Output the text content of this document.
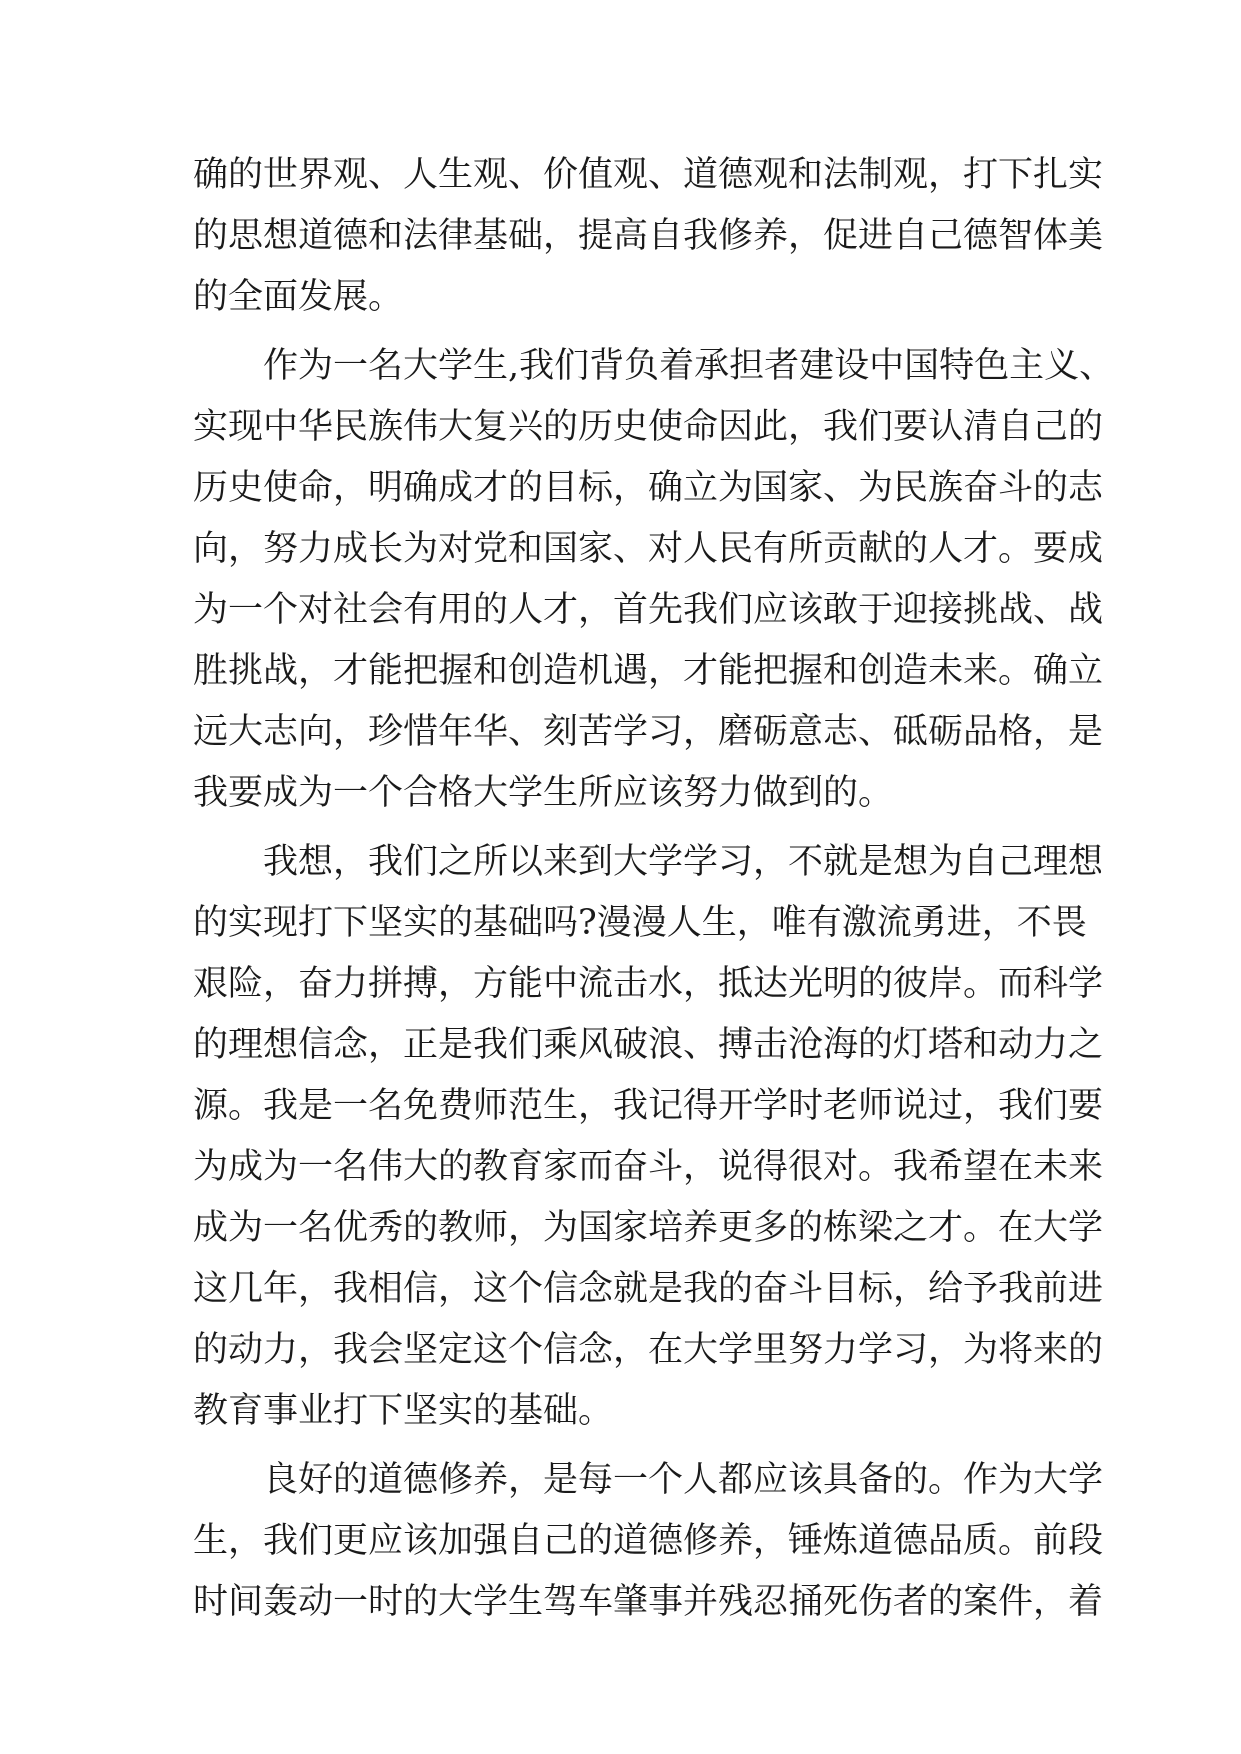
确的世界观、人生观、价值观、道德观和法制观，打下扎实
的思想道德和法律基础，提高自我修养，促进自己德智体美
的全面发展。
作为一名大学生,我们背负着承担者建设中国特色主义、
实现中华民族伟大复兴的历史使命因此，我们要认清自己的
历史使命，明确成才的目标，确立为国家、为民族奋斗的志
向，努力成长为对党和国家、对人民有所贡献的人才。要成
为一个对社会有用的人才，首先我们应该敢于迎接挑战、战
胜挑战，才能把握和创造机遇，才能把握和创造未来。确立
远大志向，珍惜年华、刻苦学习，磨砺意志、砥砺品格，是
我要成为一个合格大学生所应该努力做到的。
我想，我们之所以来到大学学习，不就是想为自己理想
的实现打下坚实的基础吗?漫漫人生，唯有激流勇进，不畏
艰险，奋力拼搏，方能中流击水，抵达光明的彼岸。而科学
的理想信念，正是我们乘风破浪、搏击沧海的灯塔和动力之
源。我是一名免费师范生，我记得开学时老师说过，我们要
为成为一名伟大的教育家而奋斗，说得很对。我希望在未来
成为一名优秀的教师，为国家培养更多的栋梁之才。在大学
这几年，我相信，这个信念就是我的奋斗目标，给予我前进
的动力，我会坚定这个信念，在大学里努力学习，为将来的
教育事业打下坚实的基础。
良好的道德修养，是每一个人都应该具备的。作为大学
生，我们更应该加强自己的道德修养，锤炼道德品质。前段
时间轰动一时的大学生驾车肇事并残忍捅死伤者的案件，着
